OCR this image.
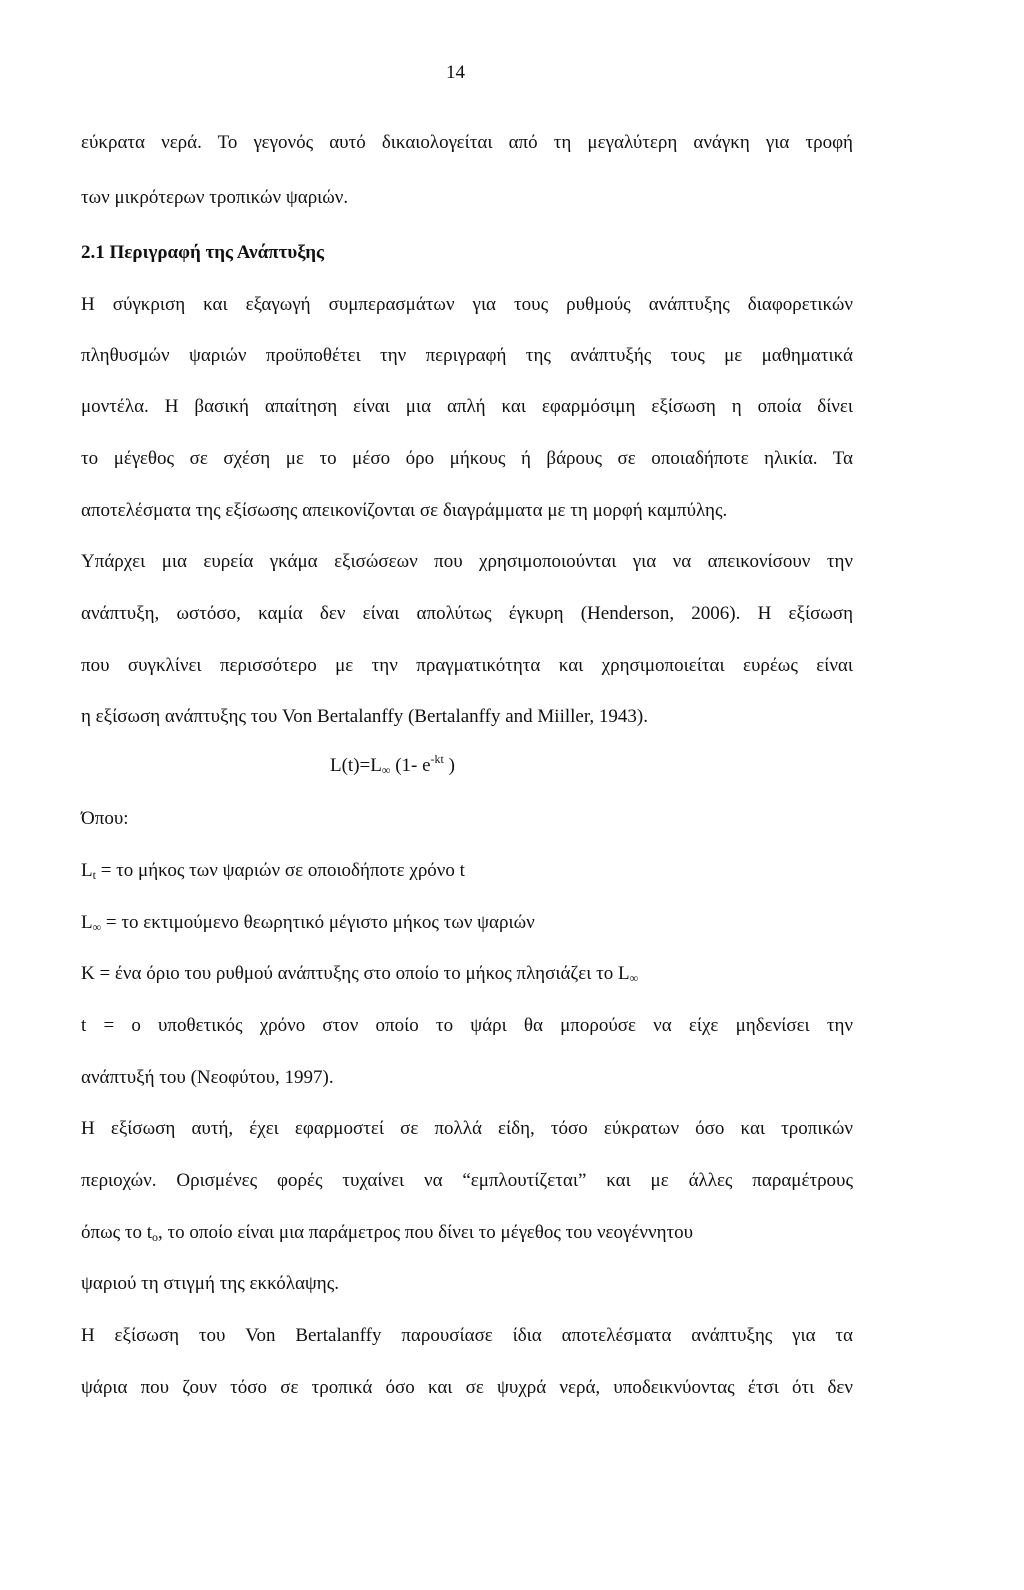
14
εύκρατα νερά. Το γεγονός αυτό δικαιολογείται από τη μεγαλύτερη ανάγκη για τροφή
των μικρότερων τροπικών ψαριών.
2.1 Περιγραφή της Ανάπτυξης
Η σύγκριση και εξαγωγή συμπερασμάτων για τους ρυθμούς ανάπτυξης διαφορετικών
πληθυσμών ψαριών προϋποθέτει την περιγραφή της ανάπτυξής τους με μαθηματικά
μοντέλα. Η βασική απαίτηση είναι μια απλή και εφαρμόσιμη εξίσωση η οποία δίνει
το μέγεθος σε σχέση με το μέσο όρο μήκους ή βάρους σε οποιαδήποτε ηλικία. Τα
αποτελέσματα της εξίσωσης απεικονίζονται σε διαγράμματα με τη μορφή καμπύλης.
Υπάρχει μια ευρεία γκάμα εξισώσεων που χρησιμοποιούνται για να απεικονίσουν την
ανάπτυξη, ωστόσο, καμία δεν είναι απολύτως έγκυρη (Henderson, 2006). Η εξίσωση
που συγκλίνει περισσότερο με την πραγματικότητα και χρησιμοποιείται ευρέως είναι
η εξίσωση ανάπτυξης του Von Bertalanffy (Bertalanffy and Miiller, 1943).
$L(t)=L_\infty$ (1- $e^{-kt}$ )
Όπου:
$L_t = \tau o$ μήκος των ψαριών σε οποιοδήποτε χρόνο t
$L_\infty = \tau o$ εκτιμούμενο θεωρητικό μέγιστο μήκος των ψαριών
K = ένα όριο του ρυθμού ανάπτυξης στο οποίο το μήκος πλησιάζει το $L_\infty$
t = ο υποθετικός χρόνο στον οποίο το ψάρι θα μπορούσε να είχε μηδενίσει την
ανάπτυξή του (Νεοφύτου, 1997).
Η εξίσωση αυτή, έχει εφαρμοστεί σε πολλά είδη, τόσο εύκρατων όσο και τροπικών
περιοχών. Ορισμένες φορές τυχαίνει να “εμπλουτίζεται” και με άλλες παραμέτρους
όπως το $t_o$, το οποίο είναι μια παράμετρος που δίνει το μέγεθος του νεογέννητου
ψαριού τη στιγμή της εκκόλαψης.
Η εξίσωση του Von Bertalanffy παρουσίασε ίδια αποτελέσματα ανάπτυξης για τα
ψάρια που ζουν τόσο σε τροπικά όσο και σε ψυχρά νερά, υποδεικνύοντας έτσι ότι δεν
